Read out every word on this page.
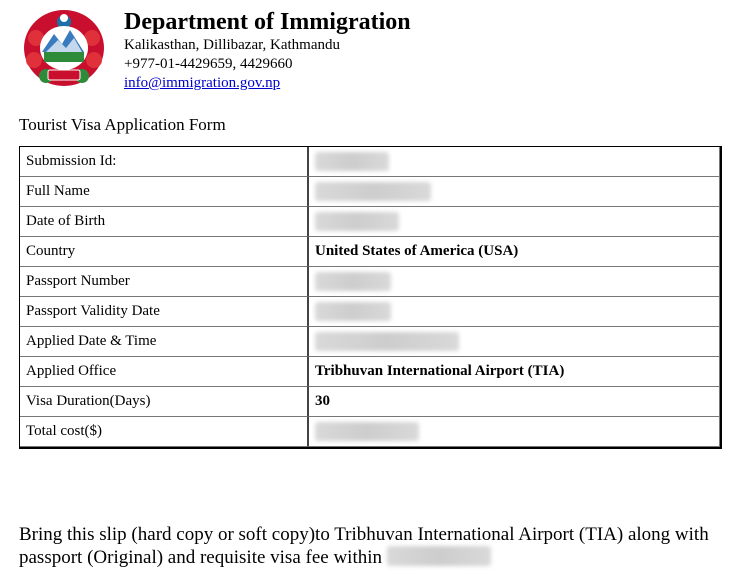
Department of Immigration
Kalikasthan, Dillibazar, Kathmandu
+977-01-4429659, 4429660
info@immigration.gov.np
Tourist Visa Application Form
Submission Id:	
Full Name	
Date of Birth	
Country	United States of America (USA)
Passport Number	
Passport Validity Date	
Applied Date & Time	
Applied Office	Tribhuvan International Airport (TIA)
Visa Duration(Days)	30
Total cost($)	
Bring this slip (hard copy or soft copy)to Tribhuvan International Airport (TIA) along with passport (Original) and requisite visa fee within
